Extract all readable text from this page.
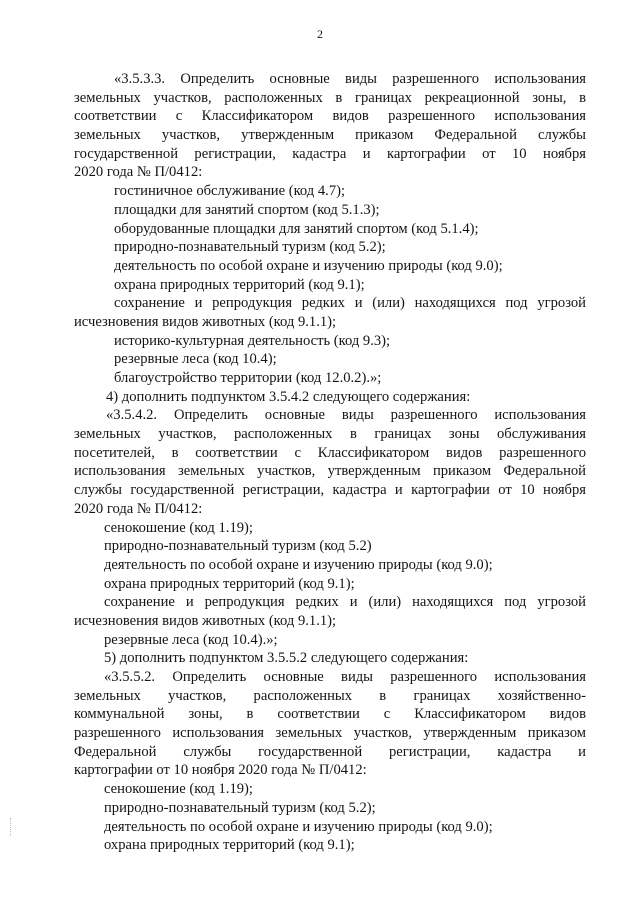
2
«3.5.3.3. Определить основные виды разрешенного использования
земельных участков, расположенных в границах рекреационной зоны, в
соответствии с Классификатором видов разрешенного использования
земельных участков, утвержденным приказом Федеральной службы
государственной регистрации, кадастра и картографии от 10 ноября
2020 года № П/0412:
гостиничное обслуживание (код 4.7);
площадки для занятий спортом (код 5.1.3);
оборудованные площадки для занятий спортом (код 5.1.4);
природно-познавательный туризм (код 5.2);
деятельность по особой охране и изучению природы (код 9.0);
охрана природных территорий (код 9.1);
сохранение и репродукция редких и (или) находящихся под угрозой
исчезновения видов животных (код 9.1.1);
историко-культурная деятельность (код 9.3);
резервные леса (код 10.4);
благоустройство территории (код 12.0.2).»;
4) дополнить подпунктом 3.5.4.2 следующего содержания:
«3.5.4.2. Определить основные виды разрешенного использования
земельных участков, расположенных в границах зоны обслуживания
посетителей, в соответствии с Классификатором видов разрешенного
использования земельных участков, утвержденным приказом Федеральной
службы государственной регистрации, кадастра и картографии от 10 ноября
2020 года № П/0412:
сенокошение (код 1.19);
природно-познавательный туризм (код 5.2)
деятельность по особой охране и изучению природы (код 9.0);
охрана природных территорий (код 9.1);
сохранение и репродукция редких и (или) находящихся под угрозой
исчезновения видов животных (код 9.1.1);
резервные леса (код 10.4).»;
5) дополнить подпунктом 3.5.5.2 следующего содержания:
«3.5.5.2. Определить основные виды разрешенного использования
земельных участков, расположенных в границах хозяйственно-
коммунальной зоны, в соответствии с Классификатором видов
разрешенного использования земельных участков, утвержденным приказом
Федеральной службы государственной регистрации, кадастра и
картографии от 10 ноября 2020 года № П/0412:
сенокошение (код 1.19);
природно-познавательный туризм (код 5.2);
деятельность по особой охране и изучению природы (код 9.0);
охрана природных территорий (код 9.1);
